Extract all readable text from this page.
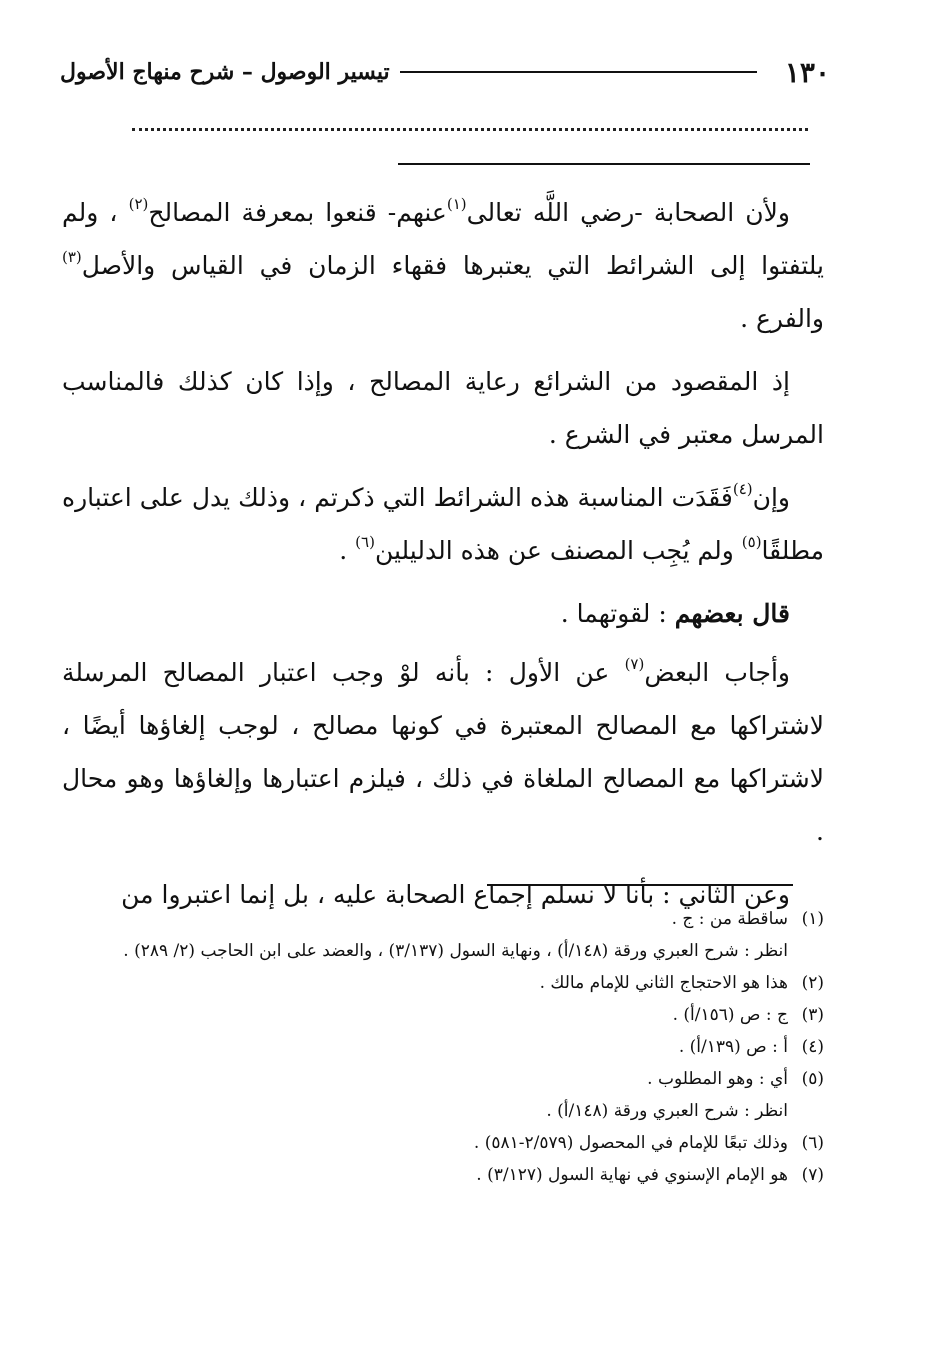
١٣٠
تيسير الوصول – شرح منهاج الأصول

ولأن الصحابة -رضي اللَّه تعالى$^{(١)}$عنهم- قنعوا بمعرفة المصالح$^{(٢)}$ ، ولم يلتفتوا إلى الشرائط التي يعتبرها فقهاء الزمان في القياس والأصل$^{(٣)}$ والفرع .

إذ المقصود من الشرائع رعاية المصالح ، وإذا كان كذلك فالمناسب المرسل معتبر في الشرع .

وإن$^{(٤)}$فَقَدَت المناسبة هذه الشرائط التي ذكرتم ، وذلك يدل على اعتباره مطلقًا$^{(٥)}$ ولم يُجِب المصنف عن هذه الدليلين$^{(٦)}$ .

قال بعضهم : لقوتهما .

وأجاب البعض$^{(٧)}$ عن الأول : بأنه لوْ وجب اعتبار المصالح المرسلة لاشتراكها مع المصالح المعتبرة في كونها مصالح ، لوجب إلغاؤها أيضًا ، لاشتراكها مع المصالح الملغاة في ذلك ، فيلزم اعتبارها وإلغاؤها وهو محال .

وعن الثاني : بأنا لا نسلم إجماع الصحابة عليه ، بل إنما اعتبروا من

(١)
ساقطة من : ج .
انظر : شرح العبري ورقة (١٤٨/أ) ، ونهاية السول (٣/١٣٧) ، والعضد على ابن الحاجب (٢/ ٢٨٩) .
(٢)
هذا هو الاحتجاج الثاني للإمام مالك .
(٣)
ج : ص (١٥٦/أ) .
(٤)
أ : ص (١٣٩/أ) .
(٥)
أي : وهو المطلوب .
انظر : شرح العبري ورقة (١٤٨/أ) .
(٦)
وذلك تبعًا للإمام في المحصول (٢/٥٧٩-٥٨١) .
(٧)
هو الإمام الإسنوي في نهاية السول (٣/١٢٧) .
